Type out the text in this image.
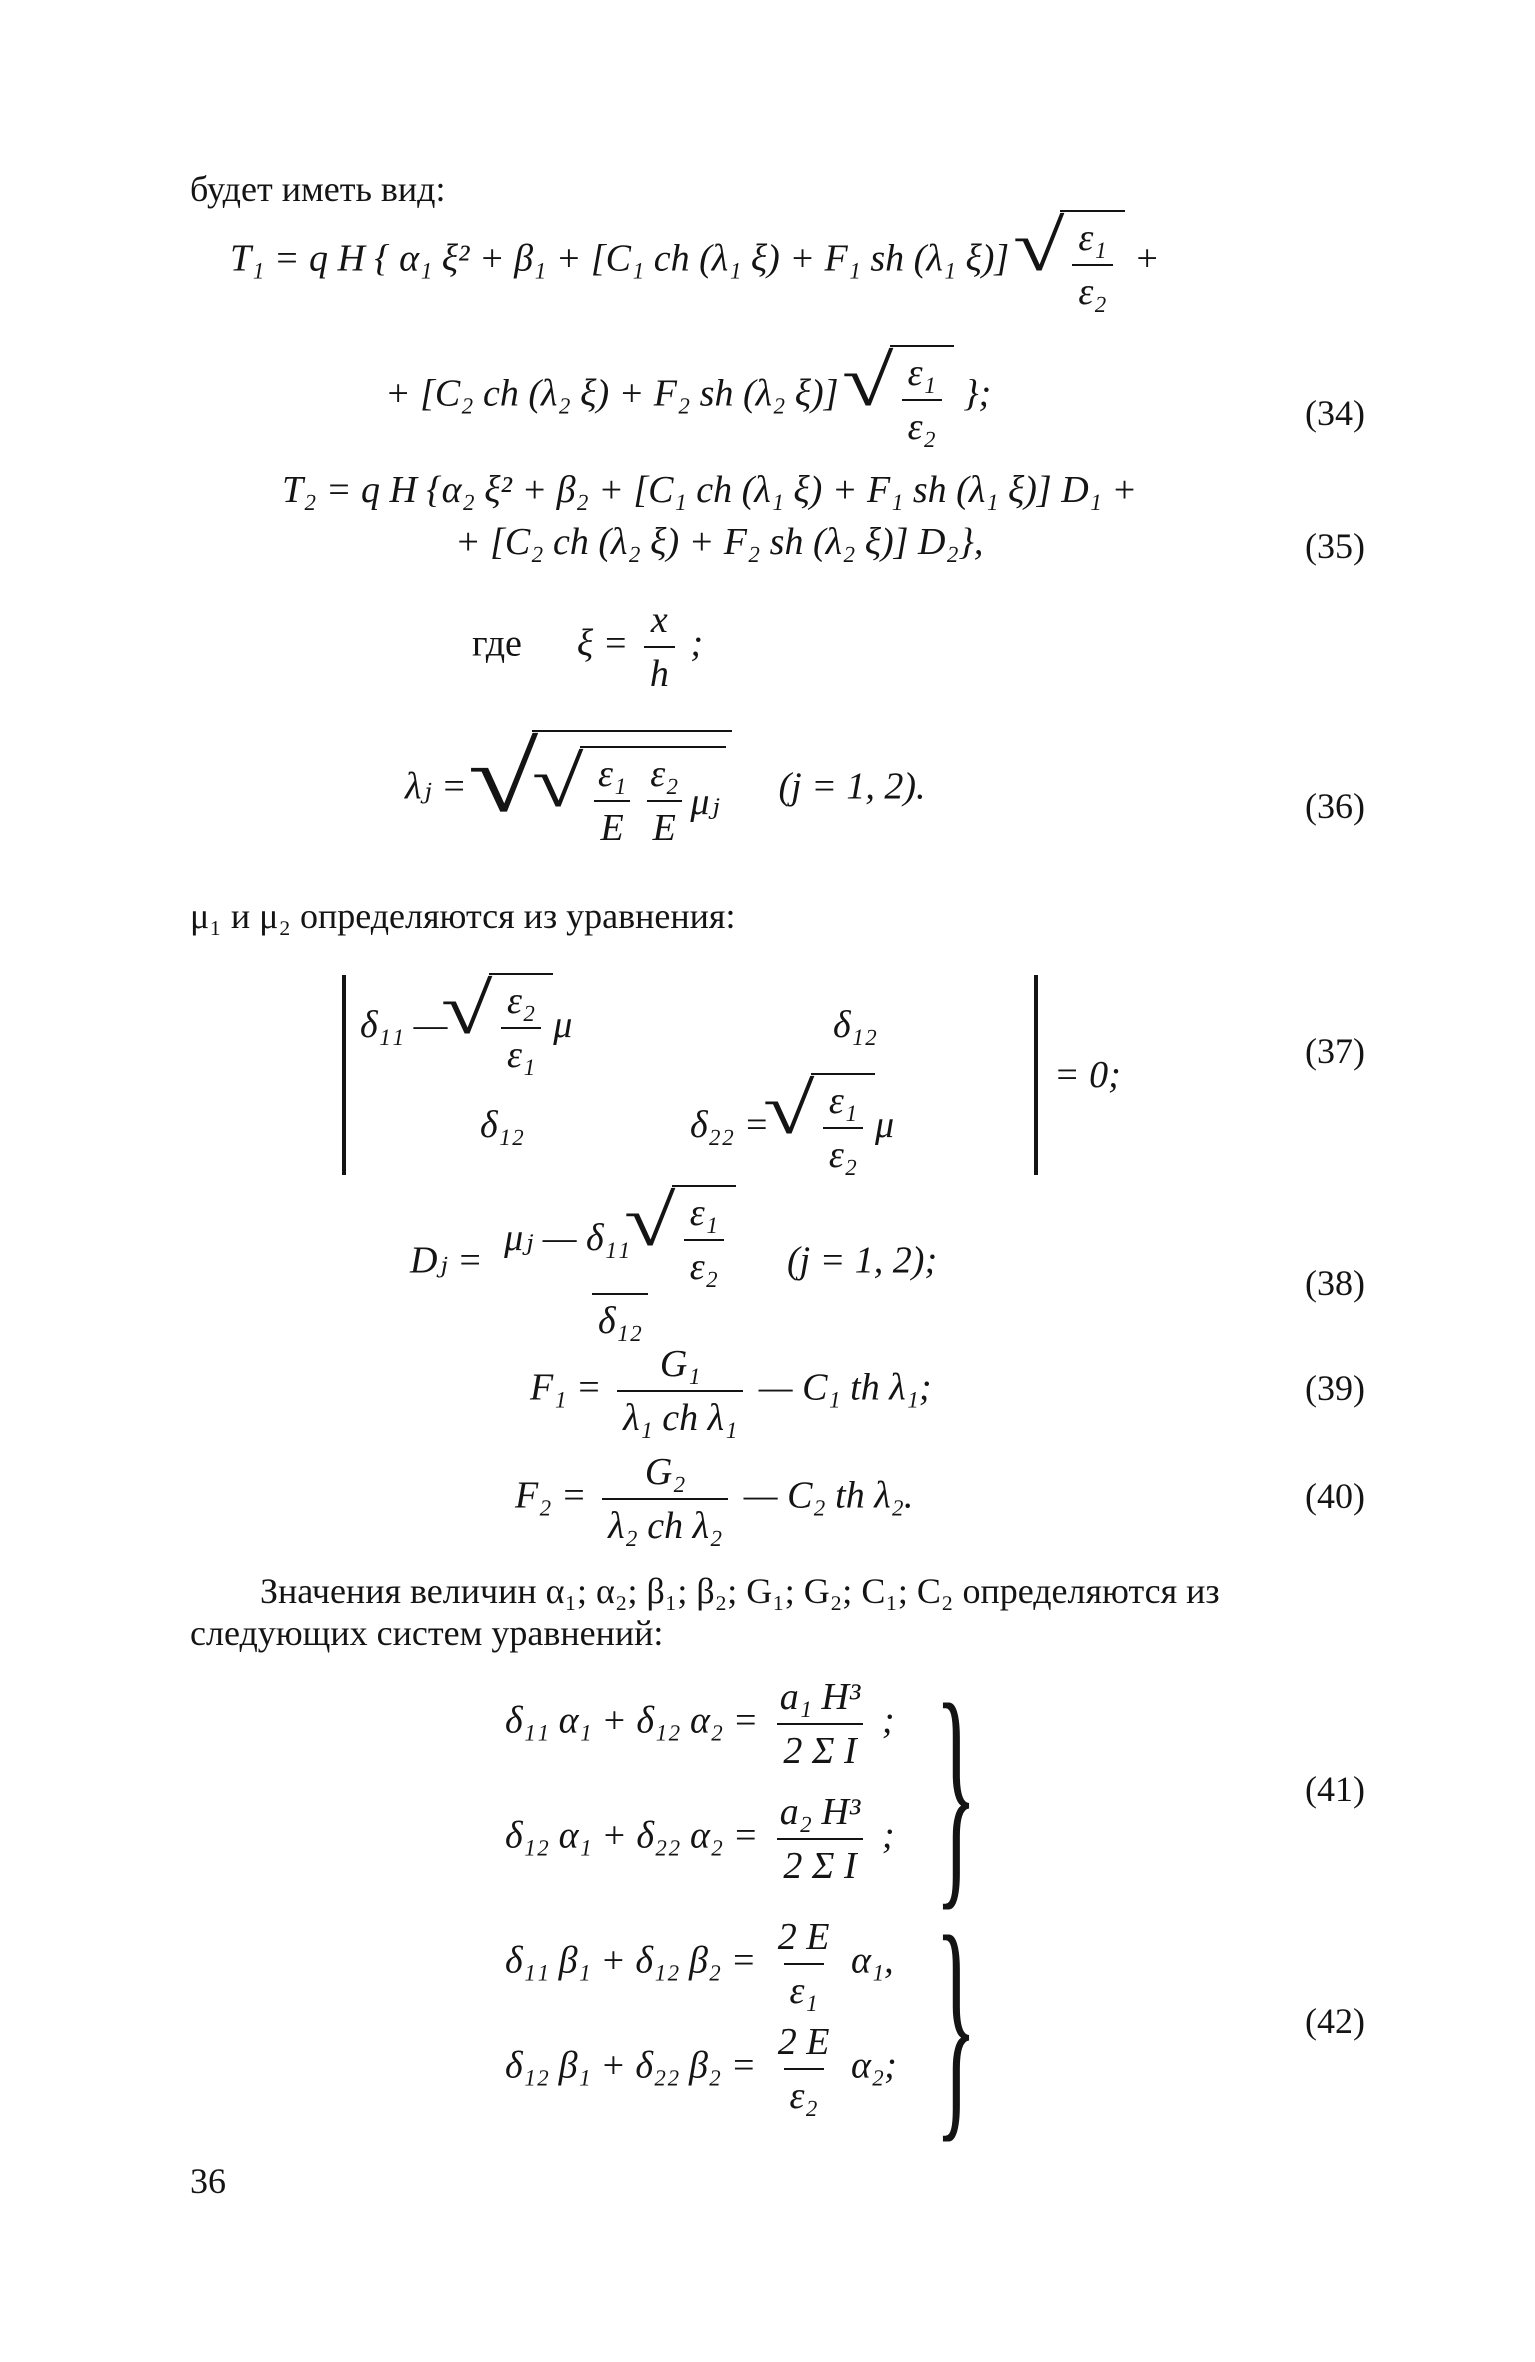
будет иметь вид:
T₁ = q H { α₁ ξ² + β₁ + [C₁ ch (λ₁ ξ) + F₁ sh (λ₁ ξ)] √ $\frac{\text{ε₁}}{\text{ε₂}}$ +
+ [C₂ ch (λ₂ ξ) + F₂ sh (λ₂ ξ)] √ $\frac{\text{ε₁}}{\text{ε₂}}$ };	(34)
T₂ = q H {α₂ ξ² + β₂ + [C₁ ch (λ₁ ξ) + F₁ sh (λ₁ ξ)] D₁ +
+ [C₂ ch (λ₂ ξ) + F₂ sh (λ₂ ξ)] D₂},	(35)
где $\xi = \frac{x}{h}$ ;
λⱼ = √
√ $\frac{\text{ε₁}}{E} \frac{\text{ε₂}}{E}$ μⱼ (j = 1, 2).	(36)
μ₁ и μ₂ определяются из уравнения:
δ₁₁ —
√ $\frac{\text{ε₂}}{\text{ε₁}}$ μ	δ₁₂
δ₁₂	δ₂₂ =
√ $\frac{\text{ε₁}}{\text{ε₂}}$ μ
= 0;
(37)
Dⱼ = μⱼ — δ₁₁
√ $\frac{\text{ε₁}}{\text{ε₂}}$
δ₁₂ (j = 1, 2);
(38)
$F_1 = \frac{\text{G₁}}{\text{λ₁ ch λ₁}}$ — C₁ th λ₁;	(39)
$F_2 = \frac{\text{G₂}}{\text{λ₂ ch λ₂}}$ — C₂ th λ₂.	(40)
Значения величин α₁; α₂; β₁; β₂; G₁; G₂; C₁; C₂ определяются из
следующих систем уравнений:
δ₁₁ α₁ + δ₁₂ $\alpha_2 = \frac{\text{a₁ H³}}{\text{2 Σ I}}$ ;
δ₁₂ α₁ + δ₂₂ $\alpha_2 = \frac{\text{a₂ H³}}{\text{2 Σ I}}$ ; }	(41)
δ₁₁ β₁ + δ₁₂ $\beta_2 = \frac{2 E}{\text{ε₁}} \alpha_1$,
δ₁₂ β₁ + δ₂₂ $\beta_2 = \frac{2 E}{\text{ε₂}} \alpha_2$; }	(42)
36
